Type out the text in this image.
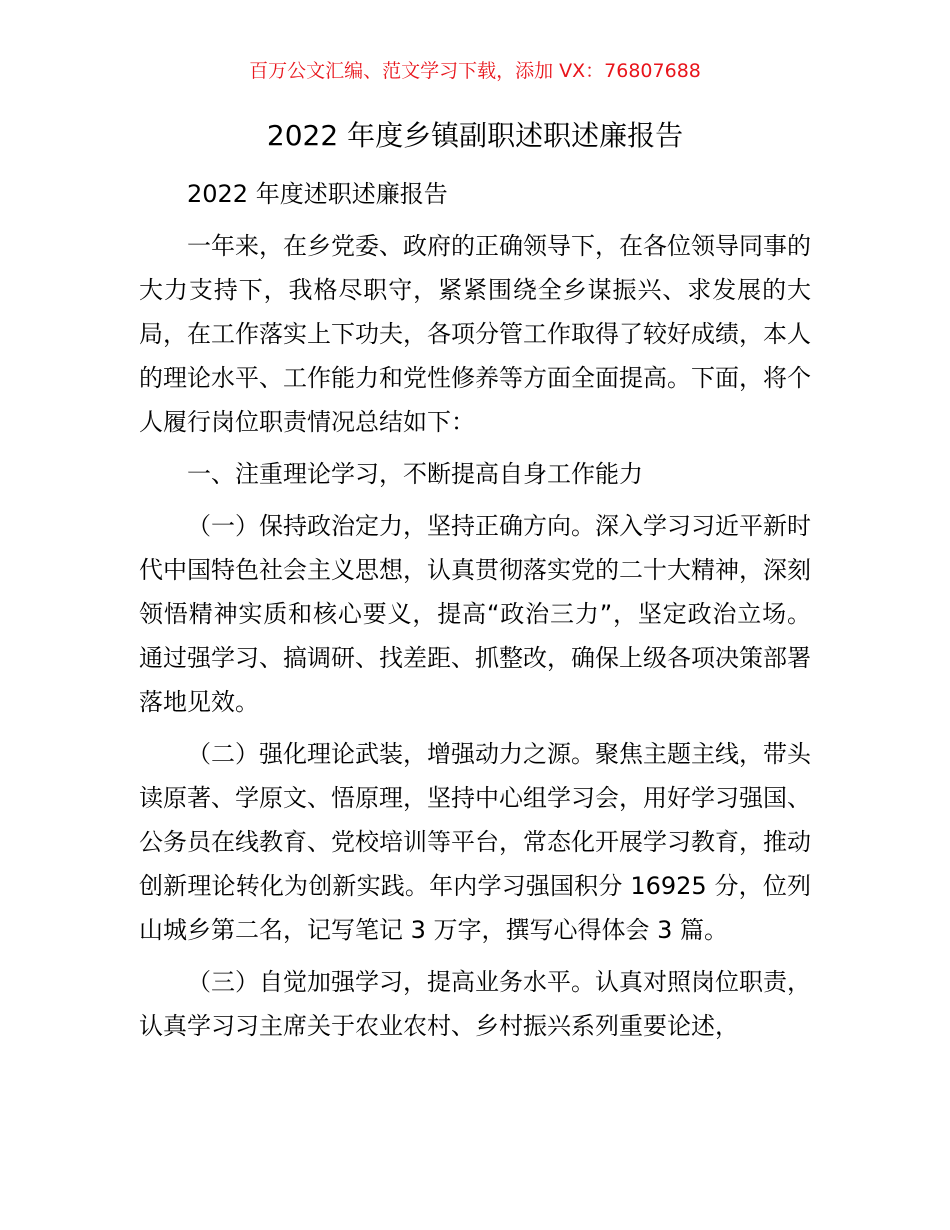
百万公文汇编、范文学习下载，添加 VX：76807688
2022 年度乡镇副职述职述廉报告

2022 年度述职述廉报告

一年来，在乡党委、政府的正确领导下，在各位领导同事的大力支持下，我格尽职守，紧紧围绕全乡谋振兴、求发展的大局，在工作落实上下功夫，各项分管工作取得了较好成绩，本人的理论水平、工作能力和党性修养等方面全面提高。下面，将个人履行岗位职责情况总结如下：

一、注重理论学习，不断提高自身工作能力

（一）保持政治定力，坚持正确方向。深入学习习近平新时代中国特色社会主义思想，认真贯彻落实党的二十大精神，深刻领悟精神实质和核心要义，提高“政治三力”，坚定政治立场。通过强学习、搞调研、找差距、抓整改，确保上级各项决策部署落地见效。

（二）强化理论武装，增强动力之源。聚焦主题主线，带头读原著、学原文、悟原理，坚持中心组学习会，用好学习强国、公务员在线教育、党校培训等平台，常态化开展学习教育，推动创新理论转化为创新实践。年内学习强国积分 16925 分，位列山城乡第二名，记写笔记 3 万字，撰写心得体会 3 篇。

（三）自觉加强学习，提高业务水平。认真对照岗位职责，认真学习习主席关于农业农村、乡村振兴系列重要论述，
